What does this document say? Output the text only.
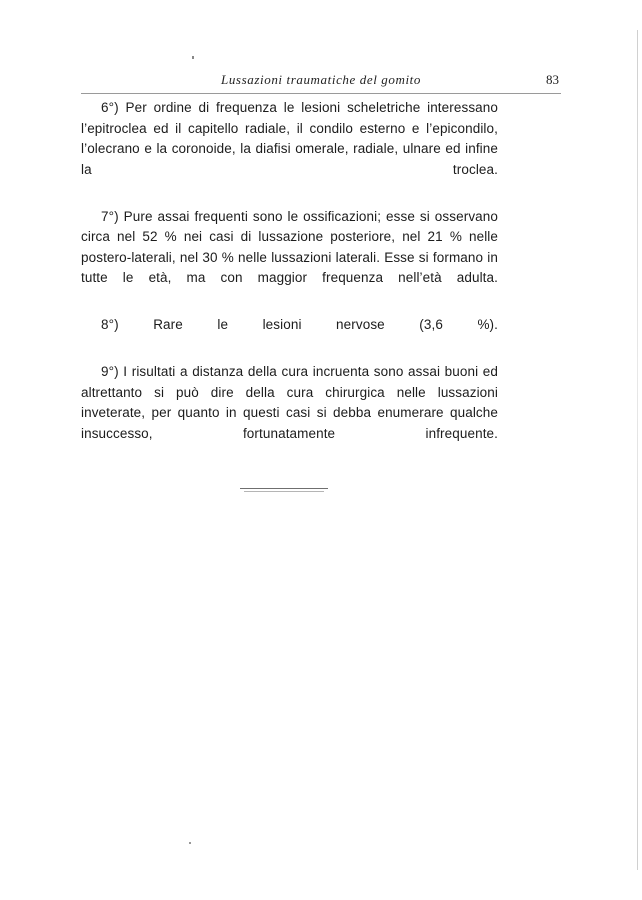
Lussazioni traumatiche del gomito	83

6°) Per ordine di frequenza le lesioni scheletriche interessano l’epitroclea ed il capitello radiale, il condilo esterno e l’epicondilo, l’olecrano e la coronoide, la diafisi omerale, radiale, ulnare ed infine la troclea.

7°) Pure assai frequenti sono le ossificazioni; esse si osservano circa nel 52 % nei casi di lussazione posteriore, nel 21 % nelle postero-laterali, nel 30 % nelle lussazioni laterali. Esse si formano in tutte le età, ma con maggior frequenza nell’età adulta.

8°) Rare le lesioni nervose (3,6 %).

9°) I risultati a distanza della cura incruenta sono assai buoni ed altrettanto si può dire della cura chirurgica nelle lussazioni inveterate, per quanto in questi casi si debba enumerare qualche insuccesso, fortunatamente infrequente.
